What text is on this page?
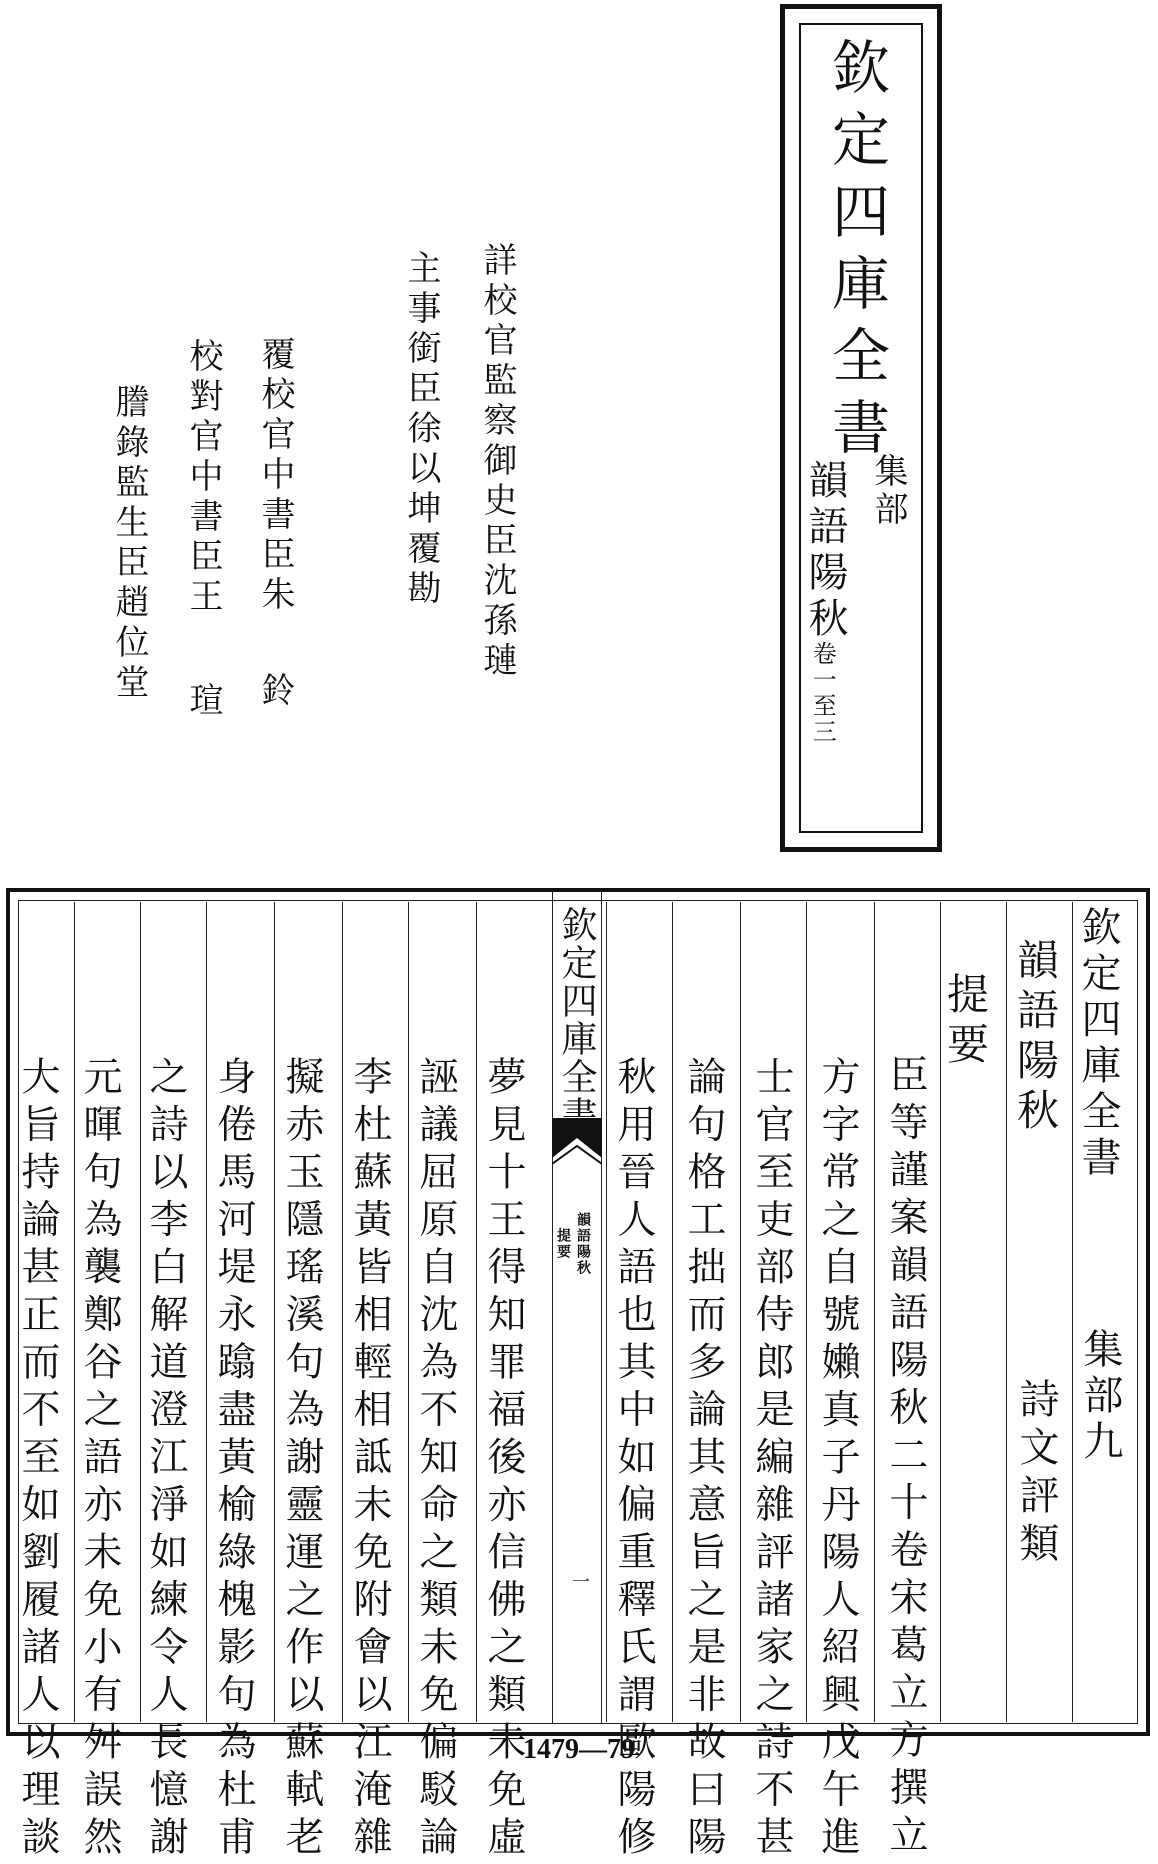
欽定四庫全書
集部
韻語陽秋
卷一至三
詳校官監察御史臣沈孫璉
主事銜臣徐以坤覆勘
覆校官中書臣朱鈴
校對官中書臣王瑄
謄錄監生臣趙位堂
欽定四庫全書
韻語陽秋
提要
一
欽定四庫全書
集部九
韻語陽秋
詩文評類
提要
臣等謹案韻語陽秋二十卷宋葛立方撰立
方字常之自號嬾真子丹陽人紹興戊午進
士官至吏部侍郎是編雜評諸家之詩不甚
論句格工拙而多論其意旨之是非故曰陽
秋用晉人語也其中如偏重釋氏謂歐陽修
夢見十王得知罪福後亦信佛之類未免虛
誣議屈原自沈為不知命之類未免偏駁論
李杜蘇黃皆相輕相詆未免附會以江淹雜
擬赤玉隱瑤溪句為謝靈運之作以蘇軾老
身倦馬河堤永蹹盡黃榆綠槐影句為杜甫
之詩以李白解道澄江淨如練令人長憶謝
元暉句為襲鄭谷之語亦未免小有舛誤然
大旨持論甚正而不至如劉履諸人以理談	1479—79
